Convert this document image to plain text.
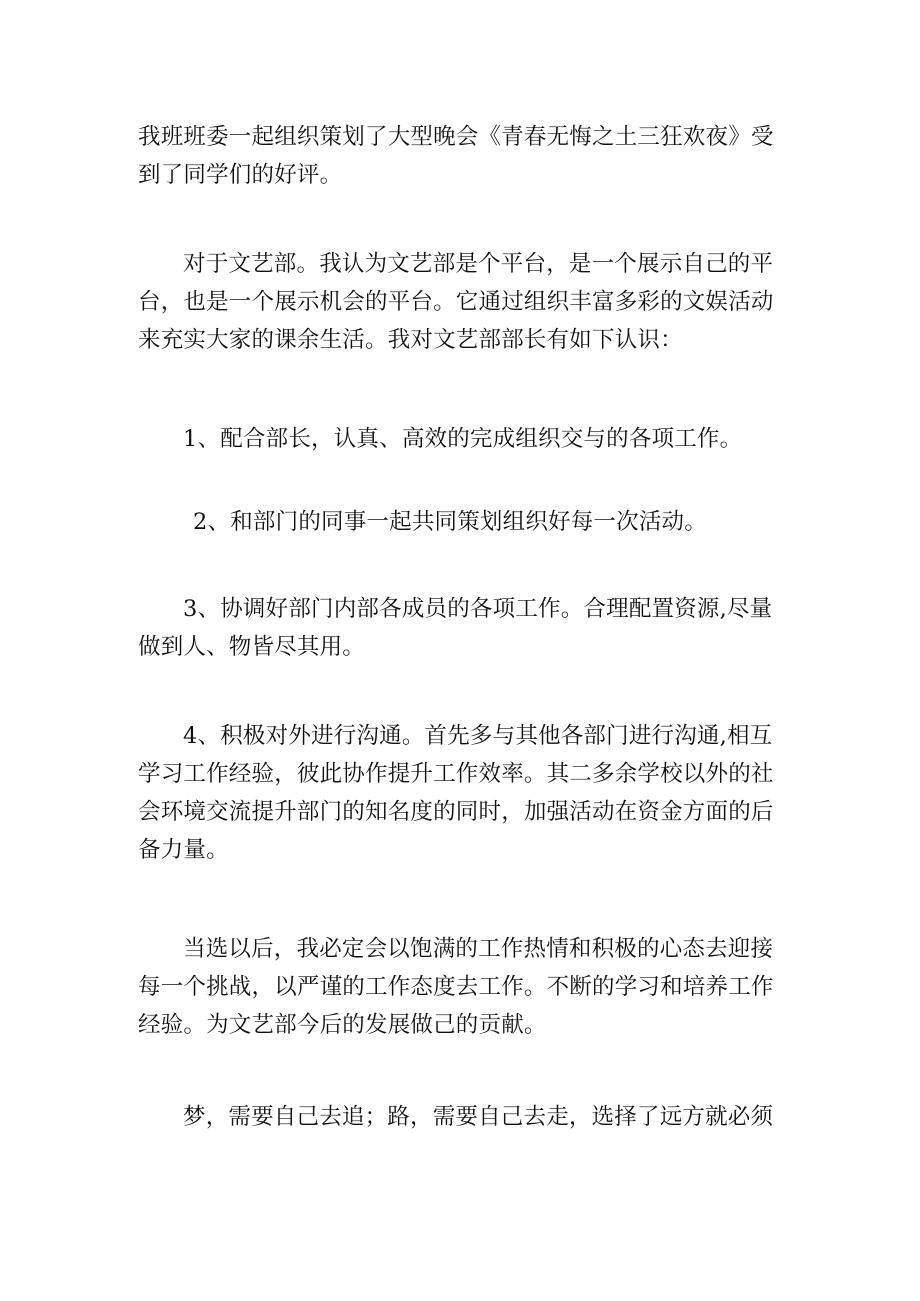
我班班委一起组织策划了大型晚会《青春无悔之土三狂欢夜》受到了同学们的好评。

对于文艺部。我认为文艺部是个平台，是一个展示自己的平台，也是一个展示机会的平台。它通过组织丰富多彩的文娱活动来充实大家的课余生活。我对文艺部部长有如下认识：

1、配合部长，认真、高效的完成组织交与的各项工作。

2、和部门的同事一起共同策划组织好每一次活动。

3、协调好部门内部各成员的各项工作。合理配置资源,尽量做到人、物皆尽其用。

4、积极对外进行沟通。首先多与其他各部门进行沟通,相互学习工作经验，彼此协作提升工作效率。其二多余学校以外的社会环境交流提升部门的知名度的同时，加强活动在资金方面的后备力量。

当选以后，我必定会以饱满的工作热情和积极的心态去迎接每一个挑战，以严谨的工作态度去工作。不断的学习和培养工作经验。为文艺部今后的发展做己的贡献。

梦，需要自己去追；路，需要自己去走，选择了远方就必须
